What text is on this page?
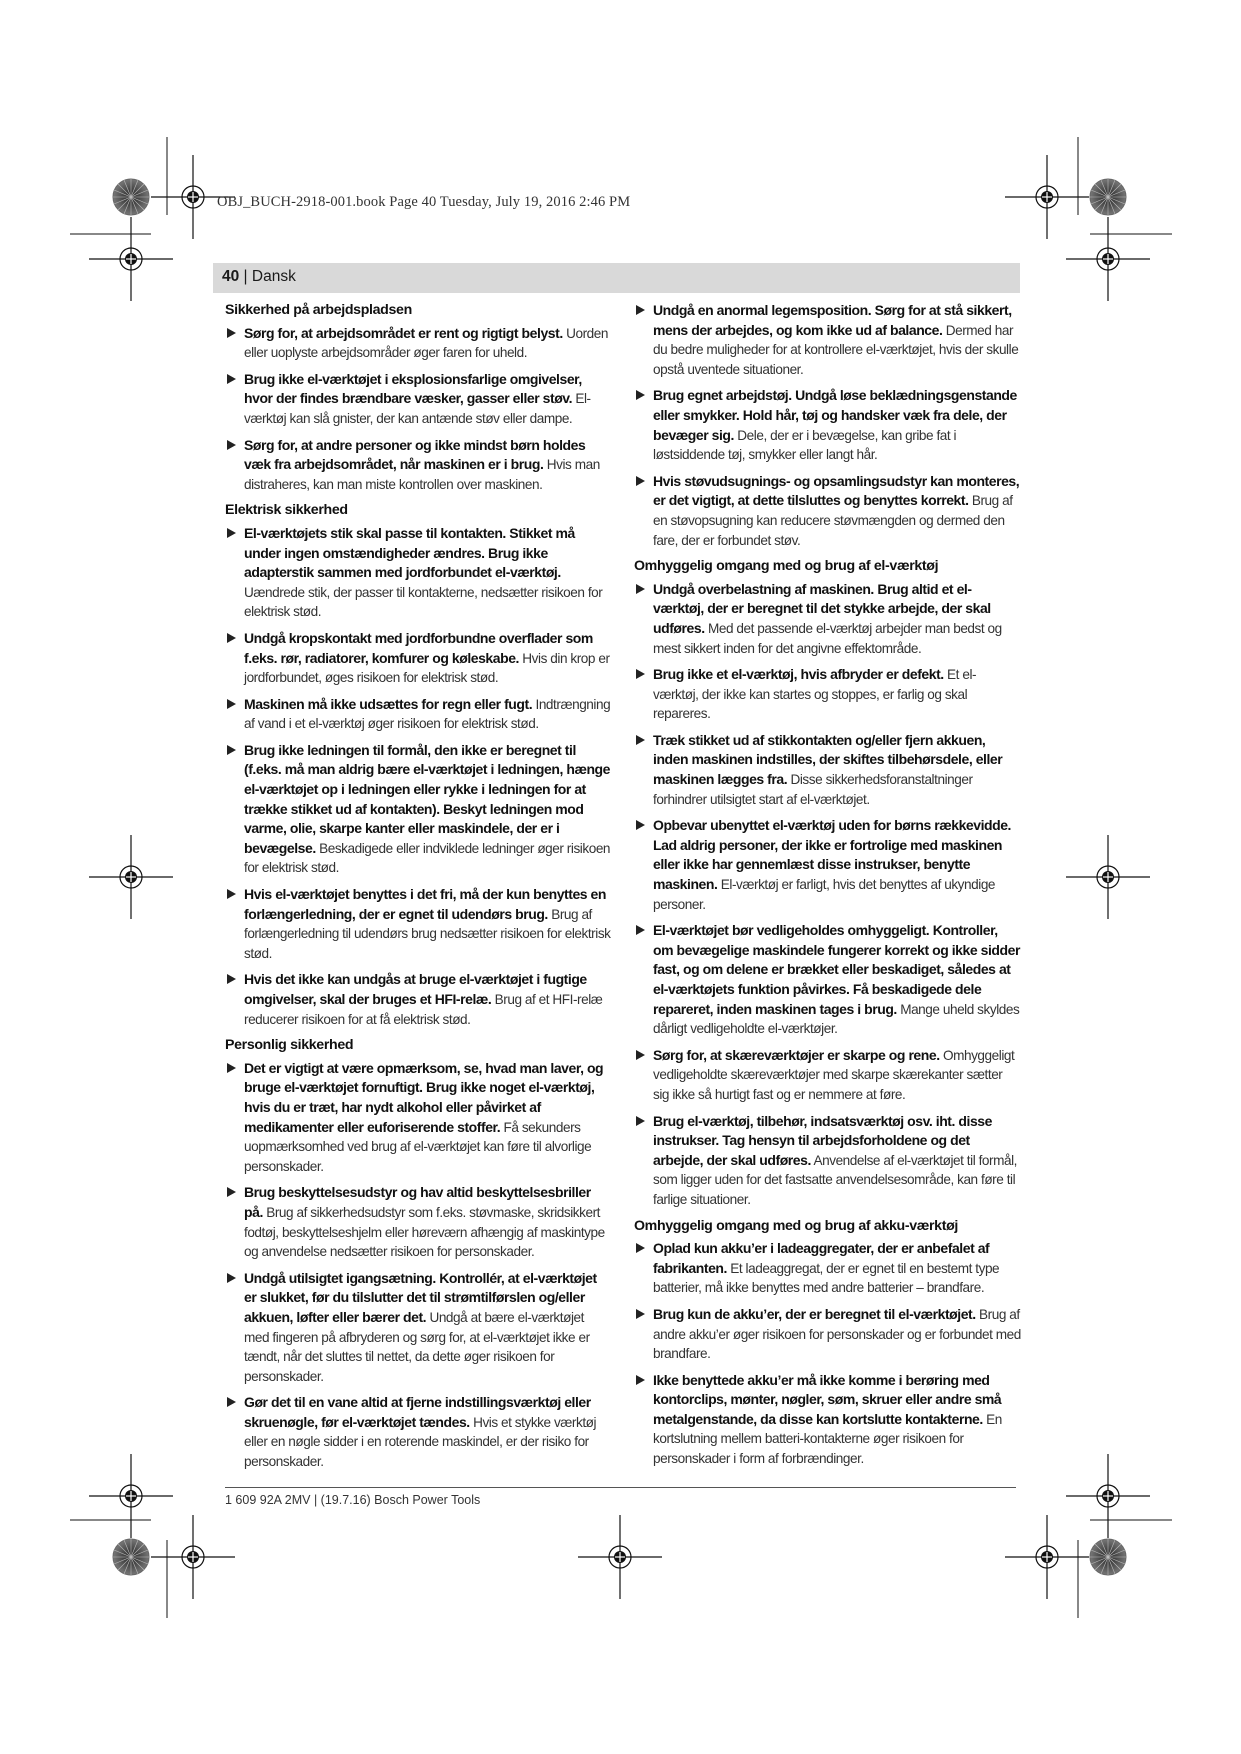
OBJ_BUCH-2918-001.book Page 40 Tuesday, July 19, 2016 2:46 PM
40 | Dansk
Sikkerhed på arbejdspladsen
Sørg for, at arbejdsområdet er rent og rigtigt belyst. Uorden eller uoplyste arbejdsområder øger faren for uheld.
Brug ikke el-værktøjet i eksplosionsfarlige omgivelser, hvor der findes brændbare væsker, gasser eller støv. El-værktøj kan slå gnister, der kan antænde støv eller dampe.
Sørg for, at andre personer og ikke mindst børn holdes væk fra arbejdsområdet, når maskinen er i brug. Hvis man distraheres, kan man miste kontrollen over maskinen.
Elektrisk sikkerhed
El-værktøjets stik skal passe til kontakten. Stikket må under ingen omstændigheder ændres. Brug ikke adapterstik sammen med jordforbundet el-værktøj. Uændrede stik, der passer til kontakterne, nedsætter risikoen for elektrisk stød.
Undgå kropskontakt med jordforbundne overflader som f.eks. rør, radiatorer, komfurer og køleskabe. Hvis din krop er jordforbundet, øges risikoen for elektrisk stød.
Maskinen må ikke udsættes for regn eller fugt. Indtrængning af vand i et el-værktøj øger risikoen for elektrisk stød.
Brug ikke ledningen til formål, den ikke er beregnet til (f.eks. må man aldrig bære el-værktøjet i ledningen, hænge el-værktøjet op i ledningen eller rykke i ledningen for at trække stikket ud af kontakten). Beskyt ledningen mod varme, olie, skarpe kanter eller maskindele, der er i bevægelse. Beskadigede eller indviklede ledninger øger risikoen for elektrisk stød.
Hvis el-værktøjet benyttes i det fri, må der kun benyttes en forlængerledning, der er egnet til udendørs brug. Brug af forlængerledning til udendørs brug nedsætter risikoen for elektrisk stød.
Hvis det ikke kan undgås at bruge el-værktøjet i fugtige omgivelser, skal der bruges et HFI-relæ. Brug af et HFI-relæ reducerer risikoen for at få elektrisk stød.
Personlig sikkerhed
Det er vigtigt at være opmærksom, se, hvad man laver, og bruge el-værktøjet fornuftigt. Brug ikke noget el-værktøj, hvis du er træt, har nydt alkohol eller påvirket af medikamenter eller euforiserende stoffer. Få sekunders uopmærksomhed ved brug af el-værktøjet kan føre til alvorlige personskader.
Brug beskyttelsesudstyr og hav altid beskyttelsesbriller på. Brug af sikkerhedsudstyr som f.eks. støvmaske, skridsikkert fodtøj, beskyttelseshjelm eller høreværn afhængig af maskintype og anvendelse nedsætter risikoen for personskader.
Undgå utilsigtet igangsætning. Kontrollér, at el-værktøjet er slukket, før du tilslutter det til strømtilførslen og/eller akkuen, løfter eller bærer det. Undgå at bære el-værktøjet med fingeren på afbryderen og sørg for, at el-værktøjet ikke er tændt, når det sluttes til nettet, da dette øger risikoen for personskader.
Gør det til en vane altid at fjerne indstillingsværktøj eller skruenøgle, før el-værktøjet tændes. Hvis et stykke værktøj eller en nøgle sidder i en roterende maskindel, er der risiko for personskader.
Undgå en anormal legemsposition. Sørg for at stå sikkert, mens der arbejdes, og kom ikke ud af balance. Dermed har du bedre muligheder for at kontrollere el-værktøjet, hvis der skulle opstå uventede situationer.
Brug egnet arbejdstøj. Undgå løse beklædningsgenstande eller smykker. Hold hår, tøj og handsker væk fra dele, der bevæger sig. Dele, der er i bevægelse, kan gribe fat i løstsiddende tøj, smykker eller langt hår.
Hvis støvudsugnings- og opsamlingsudstyr kan monteres, er det vigtigt, at dette tilsluttes og benyttes korrekt. Brug af en støvopsugning kan reducere støvmængden og dermed den fare, der er forbundet støv.
Omhyggelig omgang med og brug af el-værktøj
Undgå overbelastning af maskinen. Brug altid et el-værktøj, der er beregnet til det stykke arbejde, der skal udføres. Med det passende el-værktøj arbejder man bedst og mest sikkert inden for det angivne effektområde.
Brug ikke et el-værktøj, hvis afbryder er defekt. Et el-værktøj, der ikke kan startes og stoppes, er farlig og skal repareres.
Træk stikket ud af stikkontakten og/eller fjern akkuen, inden maskinen indstilles, der skiftes tilbehørsdele, eller maskinen lægges fra. Disse sikkerhedsforanstaltninger forhindrer utilsigtet start af el-værktøjet.
Opbevar ubenyttet el-værktøj uden for børns rækkevidde. Lad aldrig personer, der ikke er fortrolige med maskinen eller ikke har gennemlæst disse instrukser, benytte maskinen. El-værktøj er farligt, hvis det benyttes af ukyndige personer.
El-værktøjet bør vedligeholdes omhyggeligt. Kontroller, om bevægelige maskindele fungerer korrekt og ikke sidder fast, og om delene er brækket eller beskadiget, således at el-værktøjets funktion påvirkes. Få beskadigede dele repareret, inden maskinen tages i brug. Mange uheld skyldes dårligt vedligeholdte el-værktøjer.
Sørg for, at skæreværktøjer er skarpe og rene. Omhyggeligt vedligeholdte skæreværktøjer med skarpe skærekanter sætter sig ikke så hurtigt fast og er nemmere at føre.
Brug el-værktøj, tilbehør, indsatsværktøj osv. iht. disse instrukser. Tag hensyn til arbejdsforholdene og det arbejde, der skal udføres. Anvendelse af el-værktøjet til formål, som ligger uden for det fastsatte anvendelsesområde, kan føre til farlige situationer.
Omhyggelig omgang med og brug af akku-værktøj
Oplad kun akku’er i ladeaggregater, der er anbefalet af fabrikanten. Et ladeaggregat, der er egnet til en bestemt type batterier, må ikke benyttes med andre batterier – brandfare.
Brug kun de akku’er, der er beregnet til el-værktøjet. Brug af andre akku’er øger risikoen for personskader og er forbundet med brandfare.
Ikke benyttede akku’er må ikke komme i berøring med kontorclips, mønter, nøgler, søm, skruer eller andre små metalgenstande, da disse kan kortslutte kontakterne. En kortslutning mellem batteri-kontakterne øger risikoen for personskader i form af forbrændinger.
1 609 92A 2MV | (19.7.16) Bosch Power Tools
